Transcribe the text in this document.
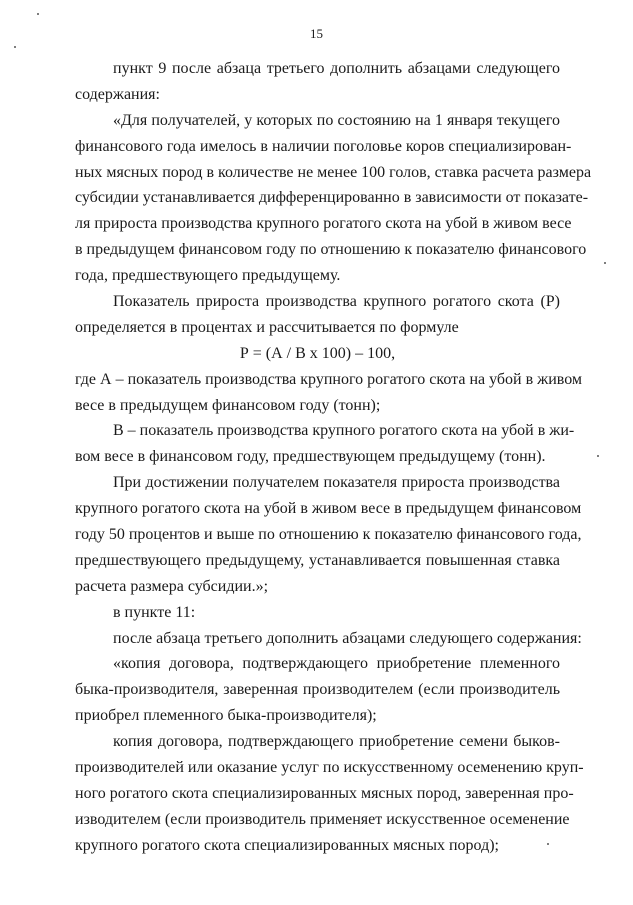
15
пункт 9 после абзаца третьего дополнить абзацами следующего
содержания:
«Для получателей, у которых по состоянию на 1 января текущего
финансового года имелось в наличии поголовье коров специализирован-
ных мясных пород в количестве не менее 100 голов, ставка расчета размера
субсидии устанавливается дифференцированно в зависимости от показате-
ля прироста производства крупного рогатого скота на убой в живом весе
в предыдущем финансовом году по отношению к показателю финансового
года, предшествующего предыдущему.
Показатель прироста производства крупного рогатого скота (Р)
определяется в процентах и рассчитывается по формуле
Р = (А / В х 100) – 100,
где А – показатель производства крупного рогатого скота на убой в живом
весе в предыдущем финансовом году (тонн);
В – показатель производства крупного рогатого скота на убой в жи-
вом весе в финансовом году, предшествующем предыдущему (тонн).
При достижении получателем показателя прироста производства
крупного рогатого скота на убой в живом весе в предыдущем финансовом
году 50 процентов и выше по отношению к показателю финансового года,
предшествующего предыдущему, устанавливается повышенная ставка
расчета размера субсидии.»;
в пункте 11:
после абзаца третьего дополнить абзацами следующего содержания:
«копия договора, подтверждающего приобретение племенного
быка-производителя, заверенная производителем (если производитель
приобрел племенного быка-производителя);
копия договора, подтверждающего приобретение семени быков-
производителей или оказание услуг по искусственному осеменению круп-
ного рогатого скота специализированных мясных пород, заверенная про-
изводителем (если производитель применяет искусственное осеменение
крупного рогатого скота специализированных мясных пород);
